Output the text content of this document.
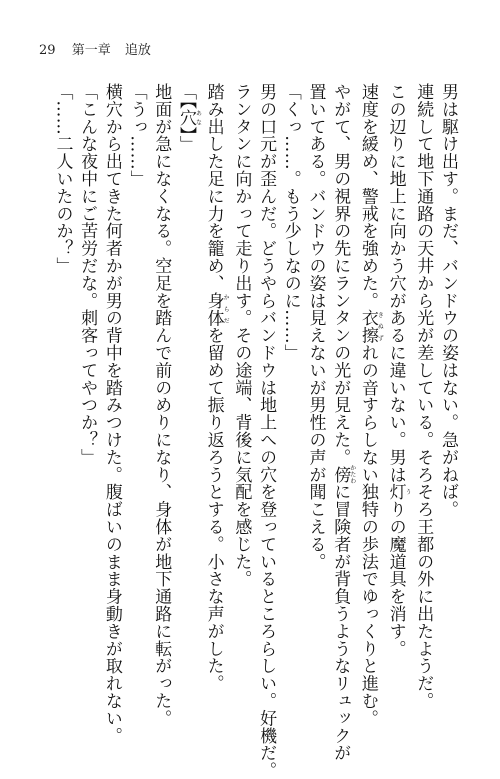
29 第一章 追放

男は駆け出す。まだ、バンドウの姿はない。急がねば。

連続して地下通路の天井から光が差している。そろそろ王都の外に出たようだ。

この辺りに地上に向かう穴があるに違いない。男は灯うりの魔道具を消す。

速度を緩め、警戒を強めた。衣擦きぬずれの音すらしない独特の歩法でゆっくりと進む。

やがて、男の視界の先にランタンの光が見えた。傍かたわに冒険者が背負うようなリュックが

置いてある。バンドウの姿は見えないが男性の声が聞こえる。

「くっ……。もう少しなのに……」

男の口元が歪んだ。どうやらバンドウは地上への穴を登っているところらしい。好機だ。

ランタンに向かって走り出す。その途端、背後に気配を感じた。

踏み出した足に力を籠め、身体からだを留めて振り返ろうとする。小さな声がした。

「【穴あな】」

地面が急になくなる。空足を踏んで前のめりになり、身体が地下通路に転がった。

「うっ……」

横穴から出てきた何者かが男の背中を踏みつけた。腹ばいのまま身動きが取れない。

「こんな夜中にご苦労だな。刺客ってやつか？」

「……二人いたのか？」
